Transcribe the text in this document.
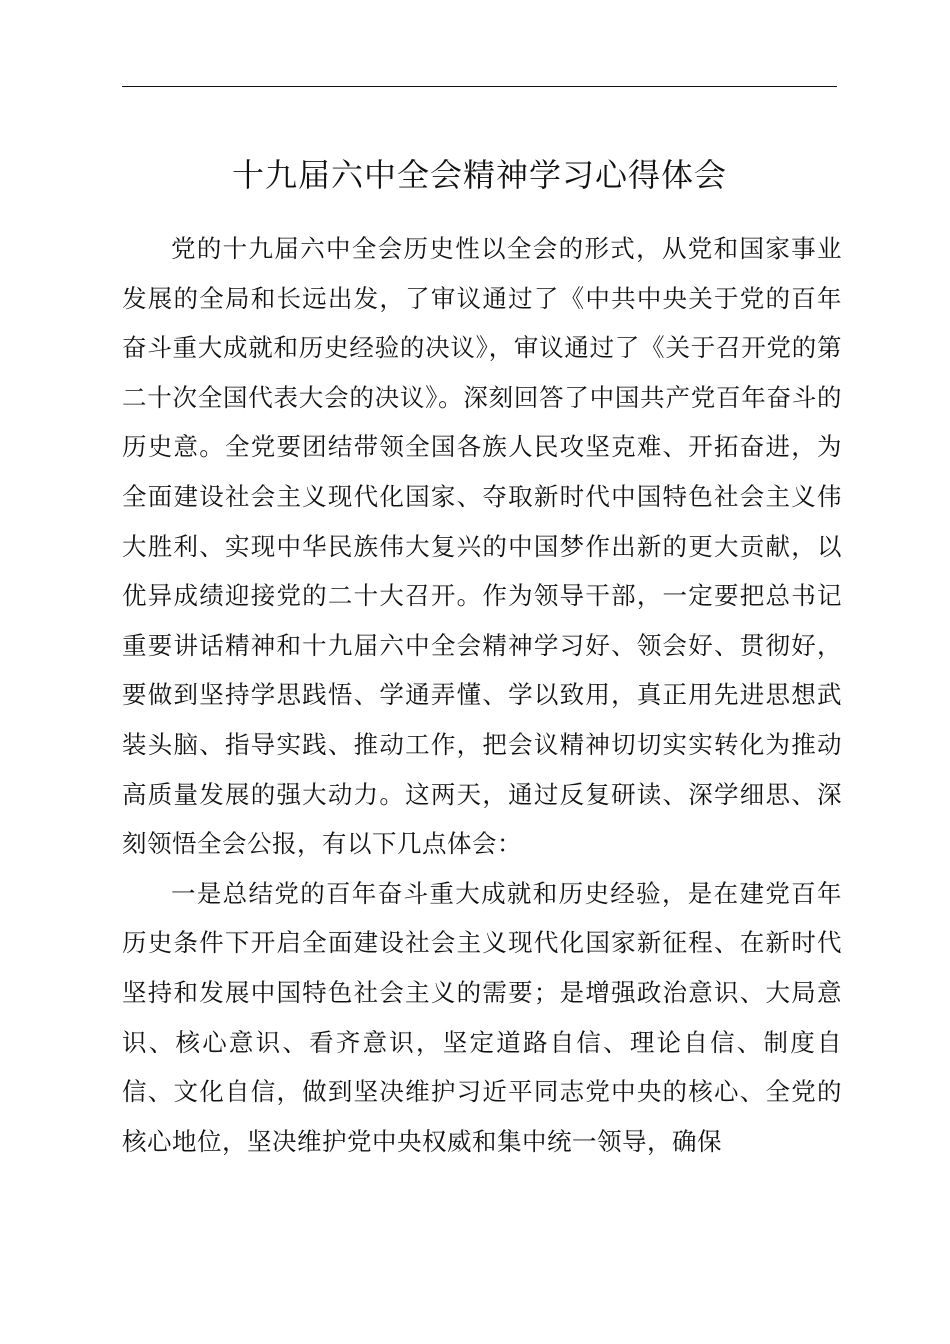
十九届六中全会精神学习心得体会

党的十九届六中全会历史性以全会的形式，从党和国家事业发展的全局和长远出发，了审议通过了《中共中央关于党的百年奋斗重大成就和历史经验的决议》，审议通过了《关于召开党的第二十次全国代表大会的决议》。深刻回答了中国共产党百年奋斗的历史意。全党要团结带领全国各族人民攻坚克难、开拓奋进，为全面建设社会主义现代化国家、夺取新时代中国特色社会主义伟大胜利、实现中华民族伟大复兴的中国梦作出新的更大贡献，以优异成绩迎接党的二十大召开。作为领导干部，一定要把总书记重要讲话精神和十九届六中全会精神学习好、领会好、贯彻好，要做到坚持学思践悟、学通弄懂、学以致用，真正用先进思想武装头脑、指导实践、推动工作，把会议精神切切实实转化为推动高质量发展的强大动力。这两天，通过反复研读、深学细思、深刻领悟全会公报，有以下几点体会：

一是总结党的百年奋斗重大成就和历史经验，是在建党百年历史条件下开启全面建设社会主义现代化国家新征程、在新时代坚持和发展中国特色社会主义的需要；是增强政治意识、大局意识、核心意识、看齐意识，坚定道路自信、理论自信、制度自信、文化自信，做到坚决维护习近平同志党中央的核心、全党的核心地位，坚决维护党中央权威和集中统一领导，确保
